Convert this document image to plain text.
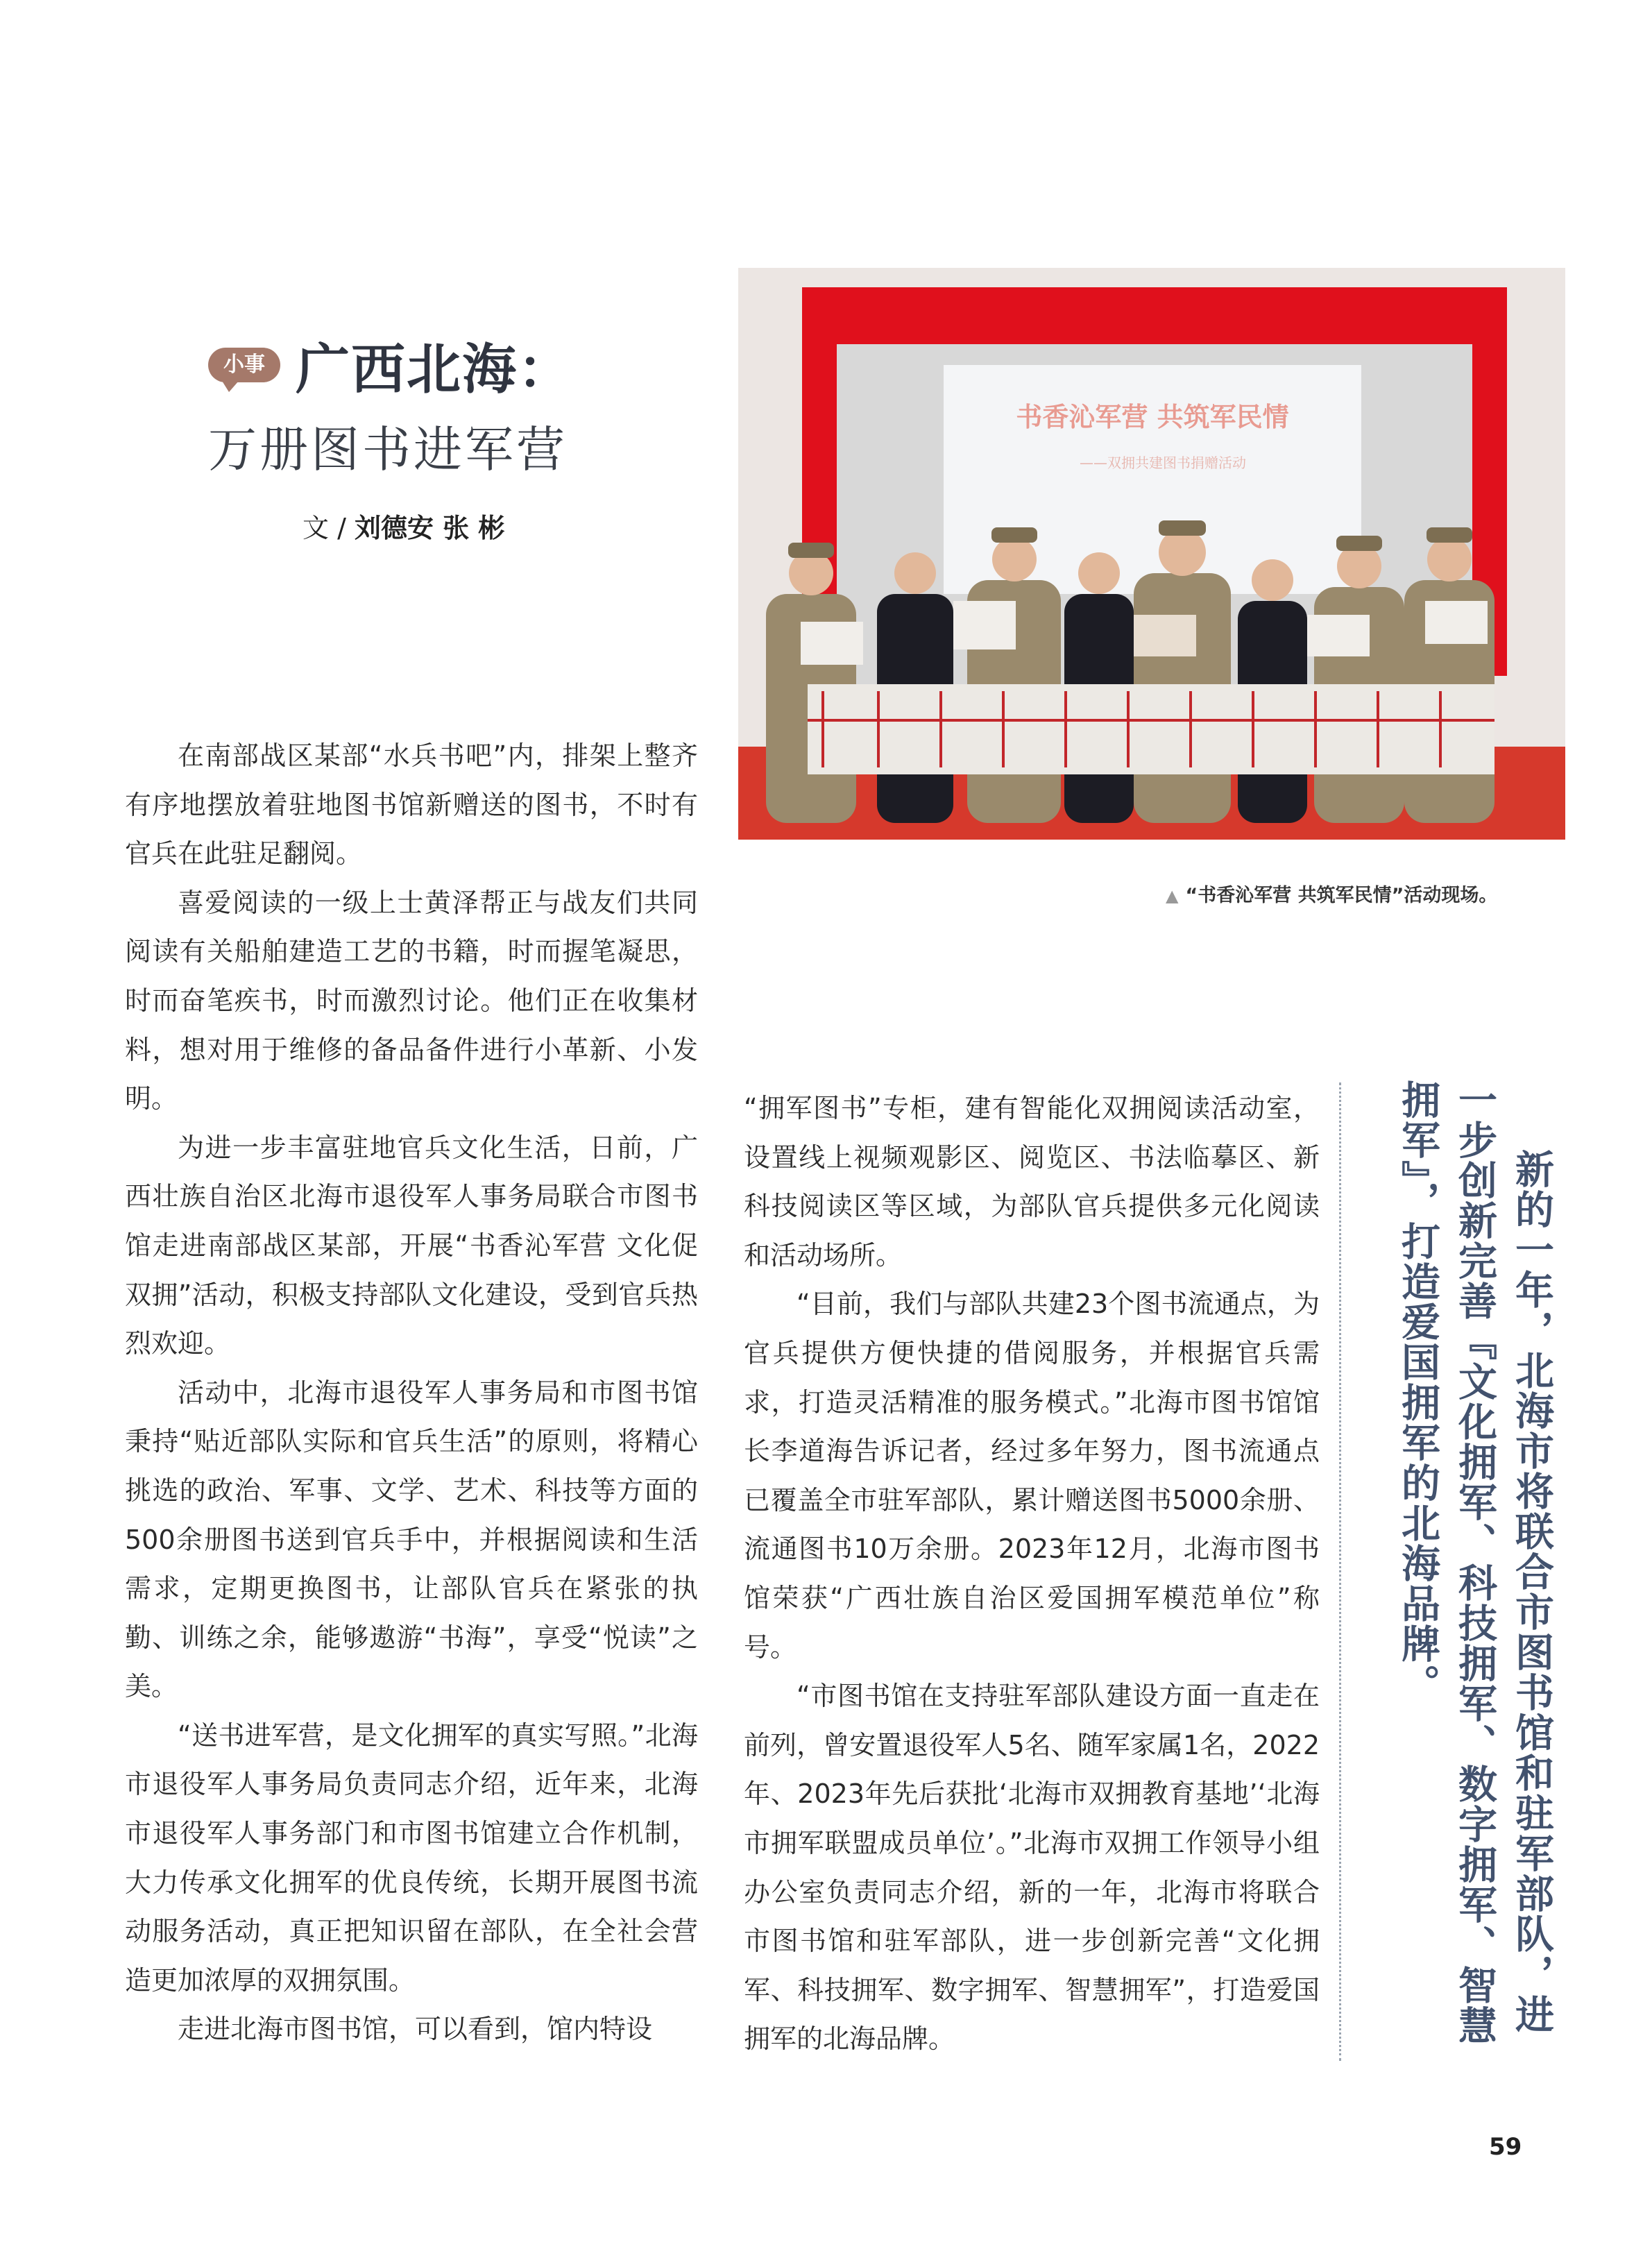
小事 广西北海：
万册图书进军营
文 / 刘德安 张 彬
书香沁军营 共筑军民情
——双拥共建图书捐赠活动
▲ “书香沁军营 共筑军民情”活动现场。

在南部战区某部“水兵书吧”内，排架上整齐有序地摆放着驻地图书馆新赠送的图书，不时有官兵在此驻足翻阅。

喜爱阅读的一级上士黄泽帮正与战友们共同阅读有关船舶建造工艺的书籍，时而握笔凝思，时而奋笔疾书，时而激烈讨论。他们正在收集材料，想对用于维修的备品备件进行小革新、小发明。

为进一步丰富驻地官兵文化生活，日前，广西壮族自治区北海市退役军人事务局联合市图书馆走进南部战区某部，开展“书香沁军营 文化促双拥”活动，积极支持部队文化建设，受到官兵热烈欢迎。

活动中，北海市退役军人事务局和市图书馆秉持“贴近部队实际和官兵生活”的原则，将精心挑选的政治、军事、文学、艺术、科技等方面的500余册图书送到官兵手中，并根据阅读和生活需求，定期更换图书，让部队官兵在紧张的执勤、训练之余，能够遨游“书海”，享受“悦读”之美。

“送书进军营，是文化拥军的真实写照。”北海市退役军人事务局负责同志介绍，近年来，北海市退役军人事务部门和市图书馆建立合作机制，大力传承文化拥军的优良传统，长期开展图书流动服务活动，真正把知识留在部队，在全社会营造更加浓厚的双拥氛围。

走进北海市图书馆，可以看到，馆内特设

“拥军图书”专柜，建有智能化双拥阅读活动室，设置线上视频观影区、阅览区、书法临摹区、新科技阅读区等区域，为部队官兵提供多元化阅读和活动场所。

“目前，我们与部队共建23个图书流通点，为官兵提供方便快捷的借阅服务，并根据官兵需求，打造灵活精准的服务模式。”北海市图书馆馆长李道海告诉记者，经过多年努力，图书流通点已覆盖全市驻军部队，累计赠送图书5000余册、流通图书10万余册。2023年12月，北海市图书馆荣获“广西壮族自治区爱国拥军模范单位”称号。

“市图书馆在支持驻军部队建设方面一直走在前列，曾安置退役军人5名、随军家属1名，2022年、2023年先后获批‘北海市双拥教育基地’‘北海市拥军联盟成员单位’。”北海市双拥工作领导小组办公室负责同志介绍，新的一年，北海市将联合市图书馆和驻军部队，进一步创新完善“文化拥军、科技拥军、数字拥军、智慧拥军”，打造爱国拥军的北海品牌。

新的一年，北海市将联合市图书馆和驻军部队，进一步创新完善『文化拥军、科技拥军、数字拥军、智慧拥军』，打造爱国拥军的北海品牌。
59
